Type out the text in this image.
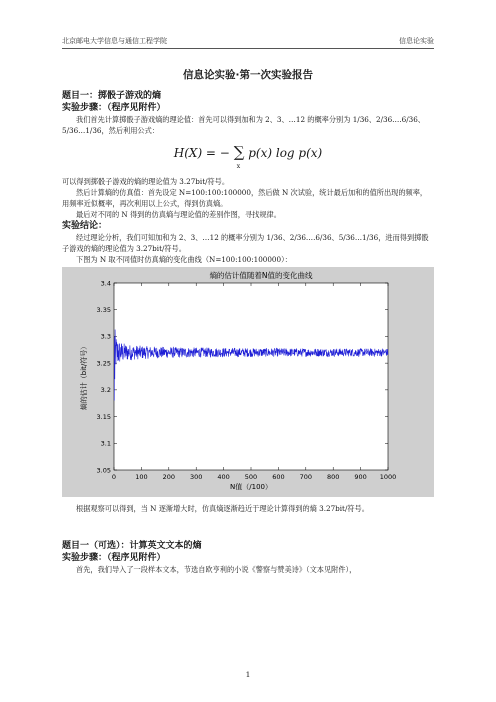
北京邮电大学信息与通信工程学院	信息论实验
信息论实验·第一次实验报告
题目一：掷骰子游戏的熵
实验步骤：（程序见附件）

我们首先计算掷骰子游戏熵的理论值：首先可以得到加和为 2、3、…12 的概率分别为 1/36、2/36….6/36、5/36…1/36，然后利用公式：

H(X) = − ∑
x
p(x) log p(x)

可以得到掷骰子游戏的熵的理论值为 3.27bit/符号。

然后计算熵的仿真值：首先设定 N=100:100:100000，然后做 N 次试验，统计最后加和的值所出现的频率，用频率近似概率，再次利用以上公式，得到仿真熵。

最后对不同的 N 得到的仿真熵与理论值的差别作图，寻找规律。

实验结论：

经过理论分析，我们可知加和为 2、3、…12 的概率分别为 1/36、2/36….6/36、5/36…1/36，进而得到掷骰子游戏的熵的理论值为 3.27bit/符号。

下图为 N 取不同值时仿真熵的变化曲线（N=100:100:100000）：

熵的估计值随着N值的变化曲线
0	100 200 300 400 500 600 700 800 900 1000
3.05
3.1
3.15
3.2
3.25
3.3
3.35
3.4
N值（/100）
熵的估计（bit/符号）

根据观察可以得到，当 N 逐渐增大时，仿真熵逐渐趋近于理论计算得到的熵 3.27bit/符号。

题目一（可选）：计算英文文本的熵
实验步骤：（程序见附件）

首先，我们导入了一段样本文本，节选自欧亨利的小说《警察与赞美诗》（文本见附件），

1
